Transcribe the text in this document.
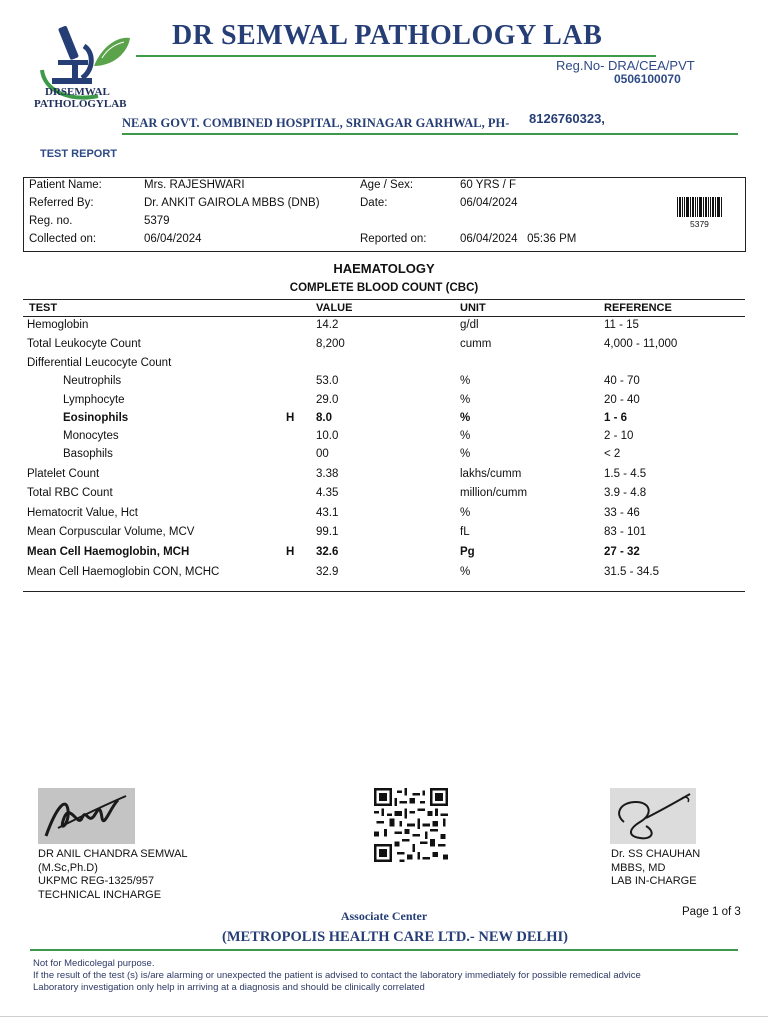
DRSEMWAL
PATHOLOGYLAB
DR SEMWAL PATHOLOGY LAB
Reg.No- DRA/CEA/PVT
0506100070
NEAR GOVT. COMBINED HOSPITAL, SRINAGAR GARHWAL, PH- 8126760323,
TEST REPORT
Patient Name:	Mrs. RAJESHWARI
Referred By:	Dr. ANKIT GAIROLA MBBS (DNB)
Reg. no.	5379
Collected on:	06/04/2024
Age / Sex:	60 YRS / F
Date:	06/04/2024
Reported on:	06/04/2024   05:36 PM
5379
HAEMATOLOGY
COMPLETE BLOOD COUNT (CBC)
TEST	VALUE	UNIT	REFERENCE
Hemoglobin	14.2	g/dl	11 - 15
Total Leukocyte Count	8,200	cumm	4,000 - 11,000
Differential Leucocyte Count
Neutrophils	53.0	%	40 - 70
Lymphocyte	29.0	%	20 - 40
Eosinophils	H 8.0	%	1 - 6
Monocytes	10.0	%	2 - 10
Basophils	00	%	< 2
Platelet Count	3.38	lakhs/cumm	1.5 - 4.5
Total RBC Count	4.35	million/cumm	3.9 - 4.8
Hematocrit Value, Hct	43.1	%	33 - 46
Mean Corpuscular Volume, MCV	99.1	fL	83 - 101
Mean Cell Haemoglobin, MCH	H 32.6	Pg	27 - 32
Mean Cell Haemoglobin CON, MCHC	32.9	%	31.5 - 34.5
DR ANIL CHANDRA SEMWAL
(M.Sc,Ph.D)
UKPMC REG-1325/957
TECHNICAL INCHARGE
Dr. SS CHAUHAN
MBBS, MD
LAB IN-CHARGE
Page 1 of 3
Associate Center
(METROPOLIS HEALTH CARE LTD.- NEW DELHI)
Not for Medicolegal purpose.
If the result of the test (s) is/are alarming or unexpected the patient is advised to contact the laboratory immediately for possible remedical advice
Laboratory investigation only help in arriving at a diagnosis and should be clinically correlated
